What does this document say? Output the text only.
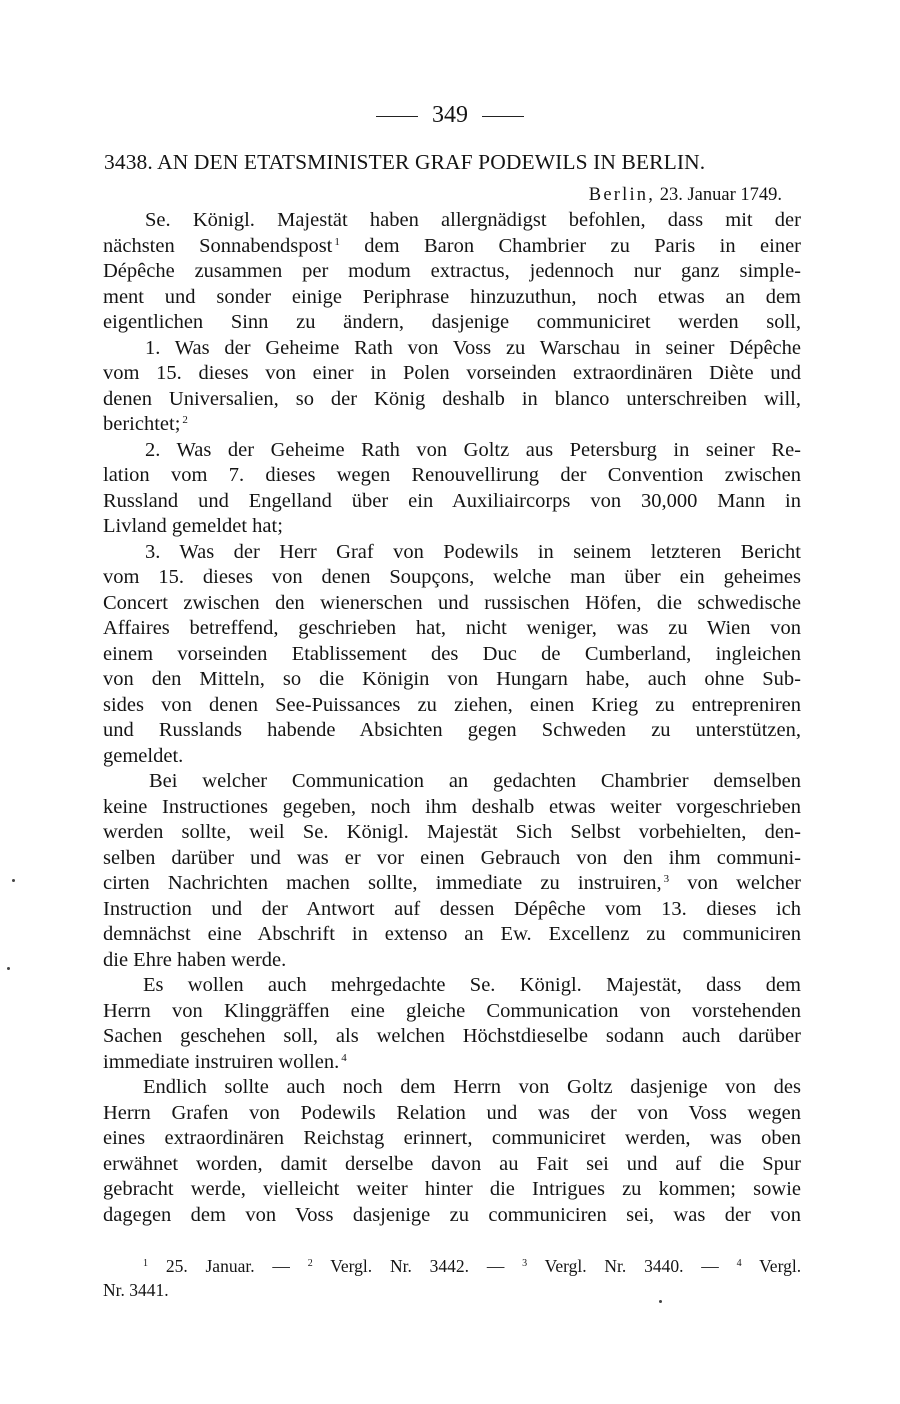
349
3438. AN DEN ETATSMINISTER GRAF PODEWILS IN BERLIN.
Berlin, 23. Januar 1749.
Se. Königl. Majestät haben allergnädigst befohlen, dass mit der
nächsten Sonnabendspost $^1$ dem Baron Chambrier zu Paris in einer
Dépêche zusammen per modum extractus, jedennoch nur ganz simple-
ment und sonder einige Periphrase hinzuzuthun, noch etwas an dem
eigentlichen Sinn zu ändern, dasjenige communiciret werden soll,
1. Was der Geheime Rath von Voss zu Warschau in seiner Dépêche
vom 15. dieses von einer in Polen vorseinden extraordinären Diète und
denen Universalien, so der König deshalb in blanco unterschreiben will,
berichtet; $^2$
2. Was der Geheime Rath von Goltz aus Petersburg in seiner Re-
lation vom 7. dieses wegen Renouvellirung der Convention zwischen
Russland und Engelland über ein Auxiliaircorps von 30,000 Mann in
Livland gemeldet hat;
3. Was der Herr Graf von Podewils in seinem letzteren Bericht
vom 15. dieses von denen Soupçons, welche man über ein geheimes
Concert zwischen den wienerschen und russischen Höfen, die schwedische
Affaires betreffend, geschrieben hat, nicht weniger, was zu Wien von
einem vorseinden Etablissement des Duc de Cumberland, ingleichen
von den Mitteln, so die Königin von Hungarn habe, auch ohne Sub-
sides von denen See-Puissances zu ziehen, einen Krieg zu entrepreniren
und Russlands habende Absichten gegen Schweden zu unterstützen,
gemeldet.
Bei welcher Communication an gedachten Chambrier demselben
keine Instructiones gegeben, noch ihm deshalb etwas weiter vorgeschrieben
werden sollte, weil Se. Königl. Majestät Sich Selbst vorbehielten, den-
selben darüber und was er vor einen Gebrauch von den ihm communi-
cirten Nachrichten machen sollte, immediate zu instruiren, $^3$ von welcher
Instruction und der Antwort auf dessen Dépêche vom 13. dieses ich
demnächst eine Abschrift in extenso an Ew. Excellenz zu communiciren
die Ehre haben werde.
Es wollen auch mehrgedachte Se. Königl. Majestät, dass dem
Herrn von Klinggräffen eine gleiche Communication von vorstehenden
Sachen geschehen soll, als welchen Höchstdieselbe sodann auch darüber
immediate instruiren wollen. $^4$
Endlich sollte auch noch dem Herrn von Goltz dasjenige von des
Herrn Grafen von Podewils Relation und was der von Voss wegen
eines extraordinären Reichstag erinnert, communiciret werden, was oben
erwähnet worden, damit derselbe davon au Fait sei und auf die Spur
gebracht werde, vielleicht weiter hinter die Intrigues zu kommen; sowie
dagegen dem von Voss dasjenige zu communiciren sei, was der von
$^1$ 25. Januar. — $^2$ Vergl. Nr. 3442. — $^3$ Vergl. Nr. 3440. — $^4$ Vergl.
Nr. 3441.
